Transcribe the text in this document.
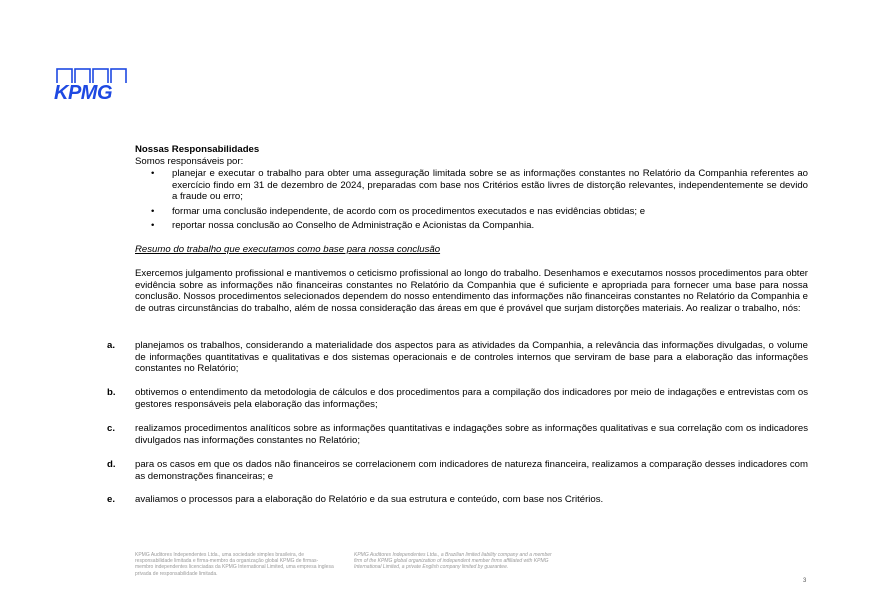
KPMG
Nossas Responsabilidades
Somos responsáveis por:
• planejar e executar o trabalho para obter uma asseguração limitada sobre se as informações constantes no Relatório da Companhia referentes ao exercício findo em 31 de dezembro de 2024, preparadas com base nos Critérios estão livres de distorção relevantes, independentemente se devido a fraude ou erro;
• formar uma conclusão independente, de acordo com os procedimentos executados e nas evidências obtidas; e
• reportar nossa conclusão ao Conselho de Administração e Acionistas da Companhia.
Resumo do trabalho que executamos como base para nossa conclusão
Exercemos julgamento profissional e mantivemos o ceticismo profissional ao longo do trabalho. Desenhamos e executamos nossos procedimentos para obter evidência sobre as informações não financeiras constantes no Relatório da Companhia que é suficiente e apropriada para fornecer uma base para nossa conclusão. Nossos procedimentos selecionados dependem do nosso entendimento das informações não financeiras constantes no Relatório da Companhia e de outras circunstâncias do trabalho, além de nossa consideração das áreas em que é provável que surjam distorções materiais. Ao realizar o trabalho, nós:
a. planejamos os trabalhos, considerando a materialidade dos aspectos para as atividades da Companhia, a relevância das informações divulgadas, o volume de informações quantitativas e qualitativas e dos sistemas operacionais e de controles internos que serviram de base para a elaboração das informações constantes no Relatório;
b. obtivemos o entendimento da metodologia de cálculos e dos procedimentos para a compilação dos indicadores por meio de indagações e entrevistas com os gestores responsáveis pela elaboração das informações;
c. realizamos procedimentos analíticos sobre as informações quantitativas e indagações sobre as informações qualitativas e sua correlação com os indicadores divulgados nas informações constantes no Relatório;
d. para os casos em que os dados não financeiros se correlacionem com indicadores de natureza financeira, realizamos a comparação desses indicadores com as demonstrações financeiras; e
e. avaliamos o processos para a elaboração do Relatório e da sua estrutura e conteúdo, com base nos Critérios.
KPMG Auditores Independentes Ltda., uma sociedade simples brasileira, de responsabilidade limitada e firma-membro da organização global KPMG de firmas-membro independentes licenciadas da KPMG International Limited, uma empresa inglesa privada de responsabilidade limitada.
KPMG Auditores Independentes Ltda., a Brazilian limited liability company and a member firm of the KPMG global organization of independent member firms affiliated with KPMG International Limited, a private English company limited by guarantee.
3
